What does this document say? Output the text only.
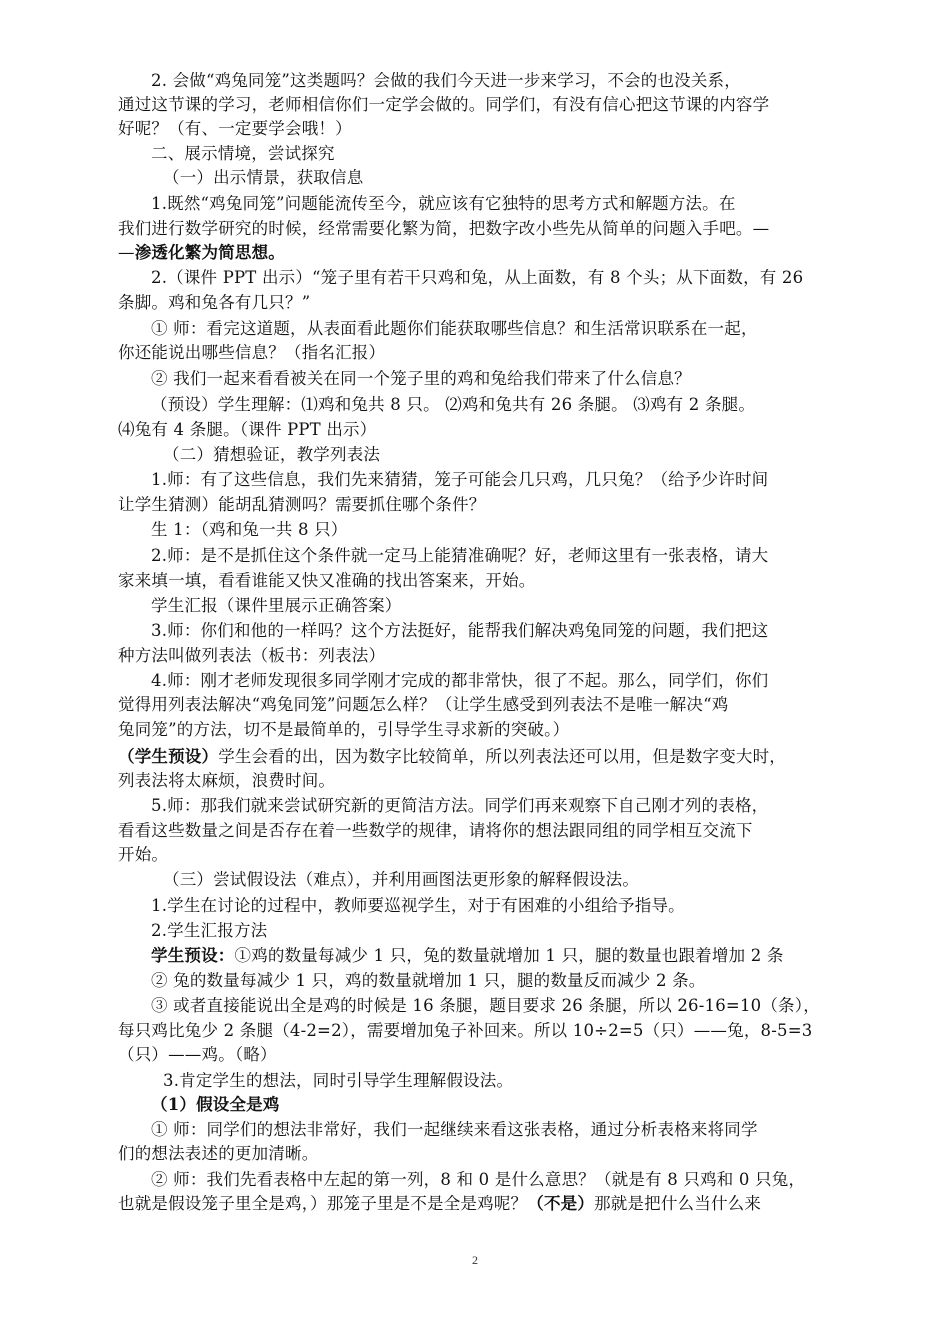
2. 会做“鸡兔同笼”这类题吗？会做的我们今天进一步来学习，不会的也没关系，
通过这节课的学习，老师相信你们一定学会做的。同学们，有没有信心把这节课的内容学
好呢？（有、一定要学会哦！）
二、展示情境，尝试探究
（一）出示情景，获取信息
1.既然“鸡兔同笼”问题能流传至今，就应该有它独特的思考方式和解题方法。在
我们进行数学研究的时候，经常需要化繁为简，把数字改小些先从简单的问题入手吧。—
—渗透化繁为简思想。
2.（课件 PPT 出示）“笼子里有若干只鸡和兔，从上面数，有 8 个头；从下面数，有 26
条脚。鸡和兔各有几只？”
① 师：看完这道题，从表面看此题你们能获取哪些信息？和生活常识联系在一起，
你还能说出哪些信息？（指名汇报）
② 我们一起来看看被关在同一个笼子里的鸡和兔给我们带来了什么信息？
（预设）学生理解：⑴鸡和兔共 8 只。 ⑵鸡和兔共有 26 条腿。 ⑶鸡有 2 条腿。
⑷兔有 4 条腿。（课件 PPT 出示）
（二）猜想验证，教学列表法
1.师：有了这些信息，我们先来猜猜，笼子可能会几只鸡，几只兔？（给予少许时间
让学生猜测）能胡乱猜测吗？需要抓住哪个条件？
生 1：（鸡和兔一共 8 只）
2.师：是不是抓住这个条件就一定马上能猜准确呢？好，老师这里有一张表格，请大
家来填一填，看看谁能又快又准确的找出答案来，开始。
学生汇报（课件里展示正确答案）
3.师：你们和他的一样吗？这个方法挺好，能帮我们解决鸡兔同笼的问题，我们把这
种方法叫做列表法（板书：列表法）
4.师：刚才老师发现很多同学刚才完成的都非常快，很了不起。那么，同学们，你们
觉得用列表法解决“鸡兔同笼”问题怎么样？（让学生感受到列表法不是唯一解决“鸡
兔同笼”的方法，切不是最简单的，引导学生寻求新的突破。）
（学生预设）学生会看的出，因为数字比较简单，所以列表法还可以用，但是数字变大时，
列表法将太麻烦，浪费时间。
5.师：那我们就来尝试研究新的更简洁方法。同学们再来观察下自己刚才列的表格，
看看这些数量之间是否存在着一些数学的规律，请将你的想法跟同组的同学相互交流下
开始。
（三）尝试假设法（难点），并利用画图法更形象的解释假设法。
1.学生在讨论的过程中，教师要巡视学生，对于有困难的小组给予指导。
2.学生汇报方法
学生预设：①鸡的数量每减少 1 只，兔的数量就增加 1 只，腿的数量也跟着增加 2 条
② 兔的数量每减少 1 只，鸡的数量就增加 1 只，腿的数量反而减少 2 条。
③ 或者直接能说出全是鸡的时候是 16 条腿，题目要求 26 条腿，所以 26-16=10（条），
每只鸡比兔少 2 条腿（4-2=2），需要增加兔子补回来。所以 10÷2=5（只）——兔，8-5=3
（只）——鸡。（略）
3.肯定学生的想法，同时引导学生理解假设法。
（1）假设全是鸡
① 师：同学们的想法非常好，我们一起继续来看这张表格，通过分析表格来将同学
们的想法表述的更加清晰。
② 师：我们先看表格中左起的第一列，8 和 0 是什么意思？（就是有 8 只鸡和 0 只兔，
也就是假设笼子里全是鸡，）那笼子里是不是全是鸡呢？（不是）那就是把什么当什么来
2
